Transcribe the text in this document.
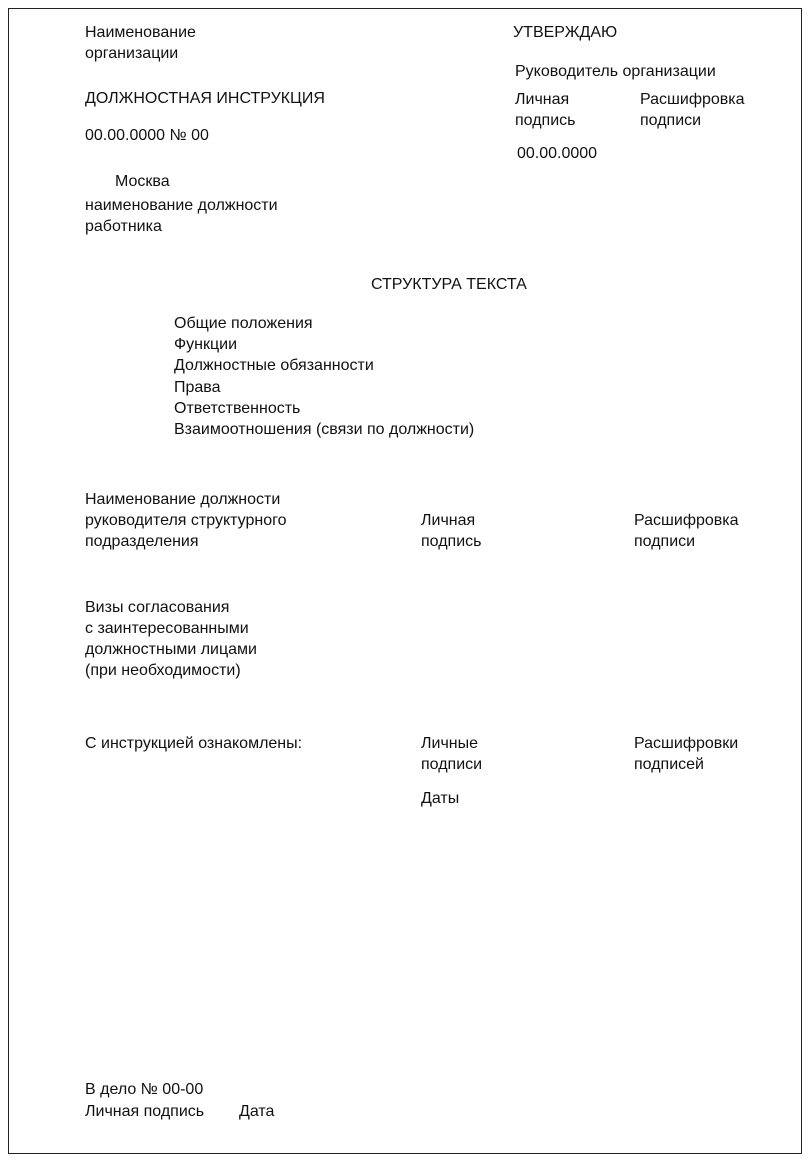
Наименование
организации

ДОЛЖНОСТНАЯ ИНСТРУКЦИЯ

00.00.0000 № 00

Москва

наименование должности
работника

УТВЕРЖДАЮ

Руководитель организации

Личная
подпись

Расшифровка
подписи

00.00.0000

СТРУКТУРА ТЕКСТА

Общие положения
Функции
Должностные обязанности
Права
Ответственность
Взаимоотношения (связи по должности)

Наименование должности
руководителя структурного
подразделения

Личная
подпись

Расшифровка
подписи

Визы согласования
с заинтересованными
должностными лицами
(при необходимости)

С инструкцией ознакомлены:	Личные
подписи

Расшифровки
подписей

Даты

В дело № 00-00

Личная подпись Дата
